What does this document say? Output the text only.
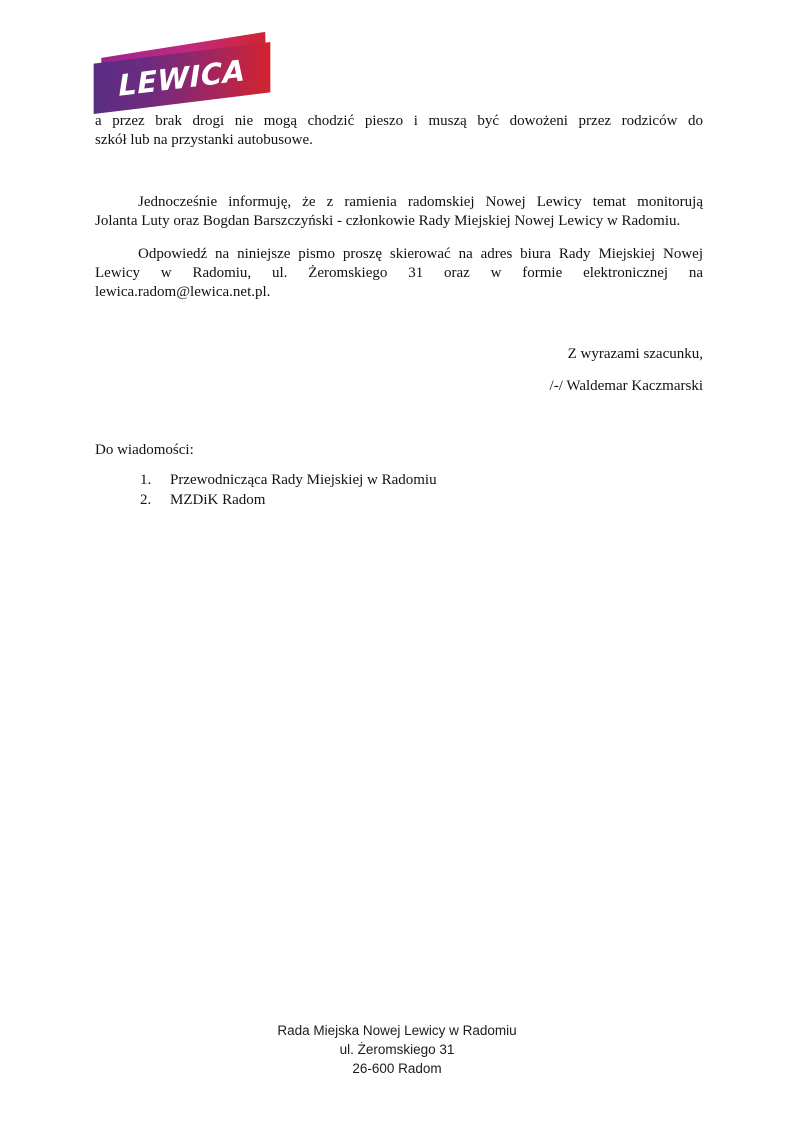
LEWICA
a przez brak drogi nie mogą chodzić pieszo i muszą być dowożeni przez rodziców do
szkół lub na przystanki autobusowe.
Jednocześnie informuję, że z ramienia radomskiej Nowej Lewicy temat monitorują
Jolanta Luty oraz Bogdan Barszczyński - członkowie Rady Miejskiej Nowej Lewicy w Radomiu.
Odpowiedź na niniejsze pismo proszę skierować na adres biura Rady Miejskiej Nowej
Lewicy w Radomiu, ul. Żeromskiego 31 oraz w formie elektronicznej na
lewica.radom@lewica.net.pl.
Z wyrazami szacunku,
/-/ Waldemar Kaczmarski
Do wiadomości:
1.	Przewodnicząca Rady Miejskiej w Radomiu
2.	MZDiK Radom
Rada Miejska Nowej Lewicy w Radomiu
ul. Żeromskiego 31
26-600 Radom
